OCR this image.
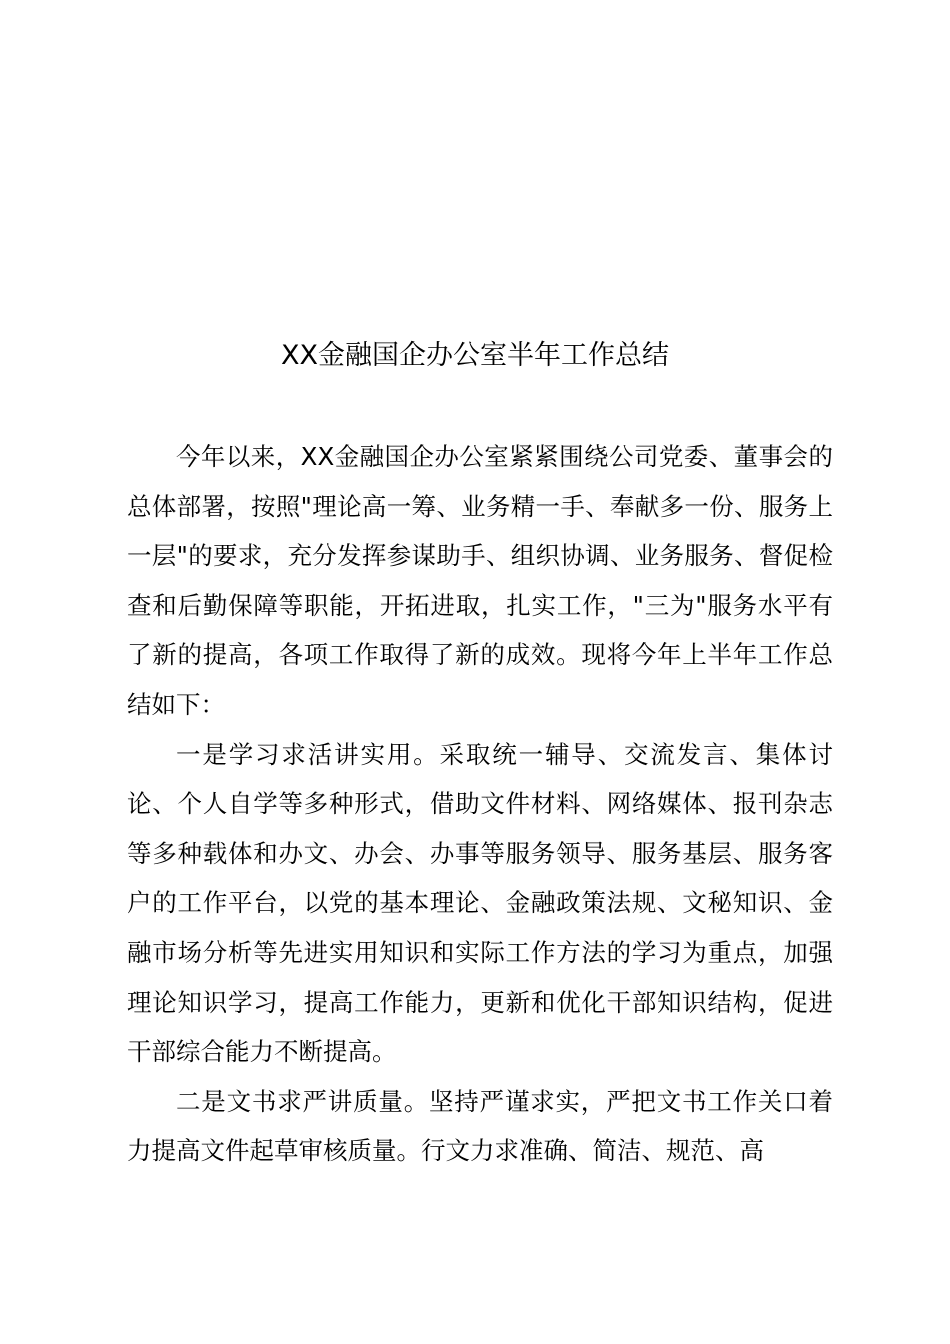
XX金融国企办公室半年工作总结

今年以来，XX金融国企办公室紧紧围绕公司党委、董事会的总体部署，按照"理论高一筹、业务精一手、奉献多一份、服务上一层"的要求，充分发挥参谋助手、组织协调、业务服务、督促检查和后勤保障等职能，开拓进取，扎实工作，"三为"服务水平有了新的提高，各项工作取得了新的成效。现将今年上半年工作总结如下：

一是学习求活讲实用。采取统一辅导、交流发言、集体讨论、个人自学等多种形式，借助文件材料、网络媒体、报刊杂志等多种载体和办文、办会、办事等服务领导、服务基层、服务客户的工作平台，以党的基本理论、金融政策法规、文秘知识、金融市场分析等先进实用知识和实际工作方法的学习为重点，加强理论知识学习，提高工作能力，更新和优化干部知识结构，促进干部综合能力不断提高。

二是文书求严讲质量。坚持严谨求实，严把文书工作关口着力提高文件起草审核质量。行文力求准确、简洁、规范、高
